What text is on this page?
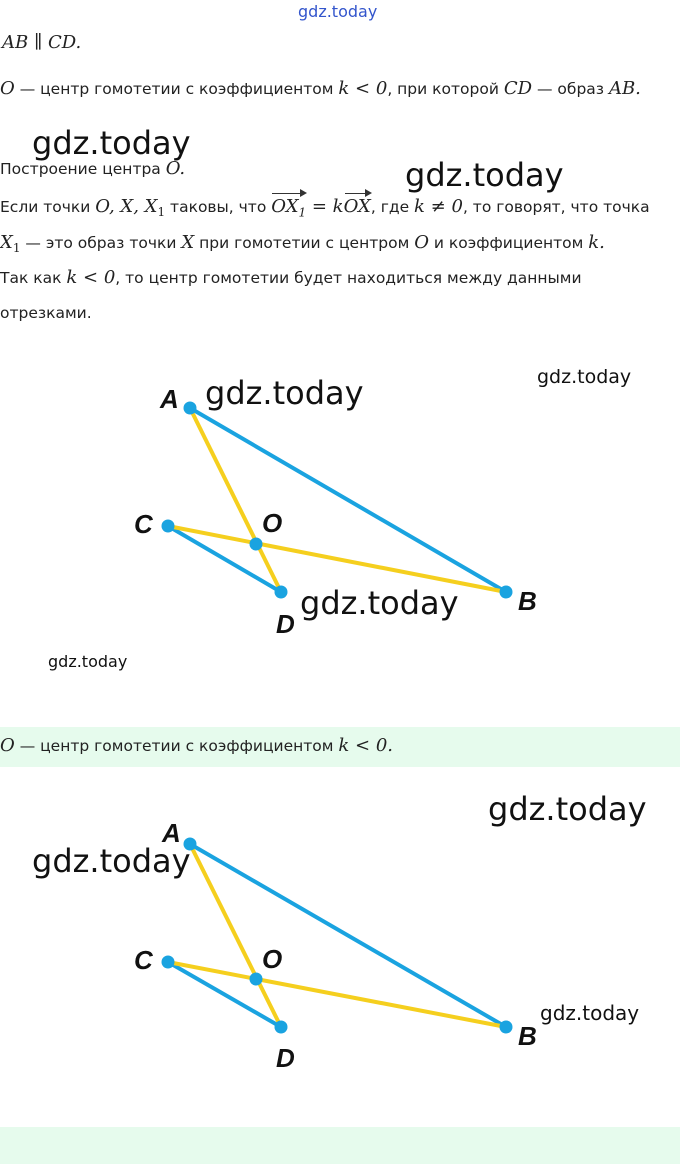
gdz.today
AB ∥ CD.
O — центр гомотетии с коэффициентом k < 0, при которой CD — образ AB.
gdz.today
Построение центра O.	gdz.today
Если точки O, X, $X_1$ таковы, что $OX_1$ = kOX, где k ≠ 0, то говорят, что точка
$X_1$ — это образ точки X при гомотетии с центром O и коэффициентом k.
Так как k < 0, то центр гомотетии будет находиться между данными
отрезками.
A
B
C
D
O
gdz.today	gdz.today
gdz.today
gdz.today
O — центр гомотетии с коэффициентом k < 0.
A
B
C
D
O
gdz.today
gdz.today
gdz.today
